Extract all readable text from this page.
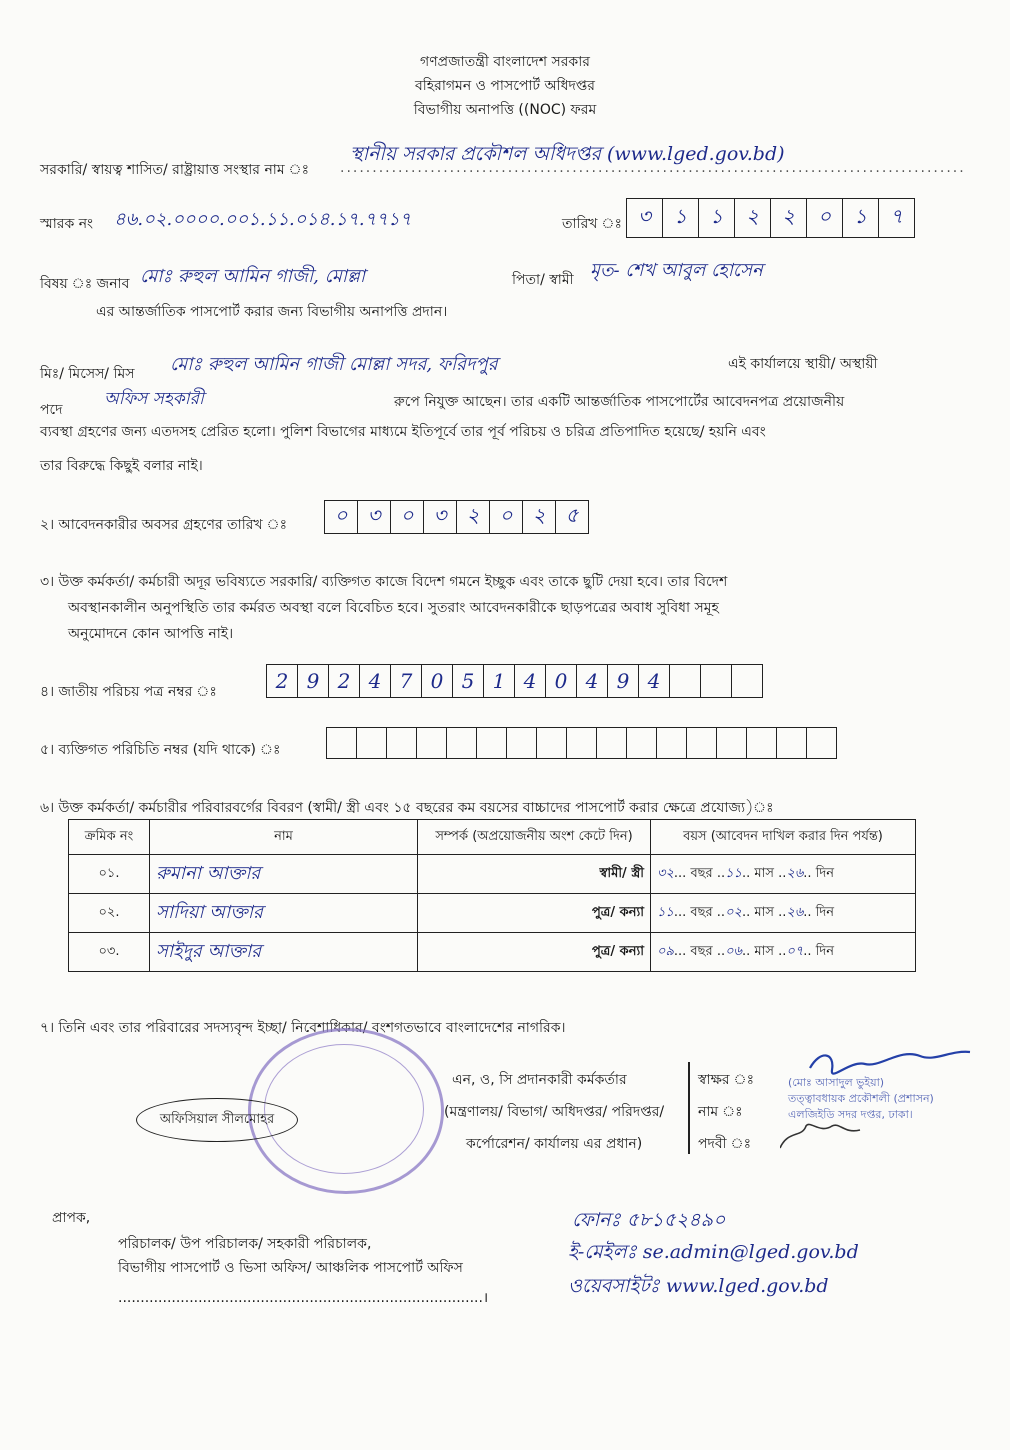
গণপ্রজাতন্ত্রী বাংলাদেশ সরকার
বহিরাগমন ও পাসপোর্ট অধিদপ্তর
বিভাগীয় অনাপত্তি ((NOC) ফরম
সরকারি/ স্বায়ত্ব শাসিত/ রাষ্ট্রায়াত্ত সংস্থার নাম ঃ .................................................................................................
স্থানীয় সরকার প্রকৌশল অধিদপ্তর (www.lged.gov.bd)
স্মারক নং ৪৬.০২.০০০০.০০১.১১.০১৪.১৭.৭৭১৭	তারিখ ঃ ৩	১	১	২	২	০	১	৭
বিষয় ঃ জনাব মোঃ রুহুল আমিন গাজী, মোল্লা	পিতা/ স্বামী মৃত- শেখ আবুল হোসেন
এর আন্তর্জাতিক পাসপোর্ট করার জন্য বিভাগীয় অনাপত্তি প্রদান।
মিঃ/ মিসেস/ মিস মোঃ রুহুল আমিন গাজী মোল্লা সদর, ফরিদপুর	এই কার্যালয়ে স্থায়ী/ অস্থায়ী
পদে
অফিস সহকারী	রুপে নিযুক্ত আছেন। তার একটি আন্তর্জাতিক পাসপোর্টের আবেদনপত্র প্রয়োজনীয়
ব্যবস্থা গ্রহণের জন্য এতদসহ প্রেরিত হলো। পুলিশ বিভাগের মাধ্যমে ইতিপূর্বে তার পূর্ব পরিচয় ও চরিত্র প্রতিপাদিত হয়েছে/ হয়নি এবং
তার বিরুদ্ধে কিছুই বলার নাই।
২। আবেদনকারীর অবসর গ্রহণের তারিখ ঃ	০ ৩ ০ ৩ ২ ০ ২	৫
৩। উক্ত কর্মকর্তা/ কর্মচারী অদূর ভবিষ্যতে সরকারি/ ব্যক্তিগত কাজে বিদেশ গমনে ইচ্ছুক এবং তাকে ছুটি দেয়া হবে। তার বিদেশ
অবস্থানকালীন অনুপস্থিতি তার কর্মরত অবস্থা বলে বিবেচিত হবে। সুতরাং আবেদনকারীকে ছাড়পত্রের অবাধ সুবিধা সমূহ
অনুমোদনে কোন আপত্তি নাই।
৪। জাতীয় পরিচয় পত্র নম্বর ঃ	2 9 2 4 7 0 5 1 4 0 4 9 4
৫। ব্যক্তিগত পরিচিতি নম্বর (যদি থাকে) ঃ
৬। উক্ত কর্মকর্তা/ কর্মচারীর পরিবারবর্গের বিবরণ (স্বামী/ স্ত্রী এবং ১৫ বছরের কম বয়সের বাচ্চাদের পাসপোর্ট করার ক্ষেত্রে প্রযোজ্য)ঃ
ক্রমিক নং	নাম	সম্পর্ক (অপ্রয়োজনীয় অংশ কেটে দিন)	বয়স (আবেদন দাখিল করার দিন পর্যন্ত)
০১.	রুমানা আক্তার	স্বামী/ স্ত্রী	৩২... বছর ..১১.. মাস ..২৬.. দিন
০২.	সাদিয়া আক্তার	পুত্র/ কন্যা	১১... বছর ..০২.. মাস ..২৬.. দিন
০৩.	সাইদুর আক্তার	পুত্র/ কন্যা	০৯... বছর ..০৬.. মাস ..০৭.. দিন
৭। তিনি এবং তার পরিবারের সদস্যবৃন্দ ইচ্ছা/ নিবেশাধিকার/ বংশগতভাবে বাংলাদেশের নাগরিক।
অফিসিয়াল সীলমোহর
এন, ও, সি প্রদানকারী কর্মকর্তার
(মন্ত্রণালয়/ বিভাগ/ অধিদপ্তর/ পরিদপ্তর/
কর্পোরেশন/ কার্যালয় এর প্রধান)
স্বাক্ষর ঃ
নাম ঃ
পদবী ঃ
(মোঃ আসাদুল ভুইয়া)
তত্ত্বাবধায়ক প্রকৌশলী (প্রশাসন)
এলজিইডি সদর দপ্তর, ঢাকা।
প্রাপক,
পরিচালক/ উপ পরিচালক/ সহকারী পরিচালক,
বিভাগীয় পাসপোর্ট ও ভিসা অফিস/ আঞ্চলিক পাসপোর্ট অফিস
..................................................................................।
ফোনঃ ৫৮১৫২৪৯০
ই-মেইলঃ se.admin@lged.gov.bd
ওয়েবসাইটঃ www.lged.gov.bd
